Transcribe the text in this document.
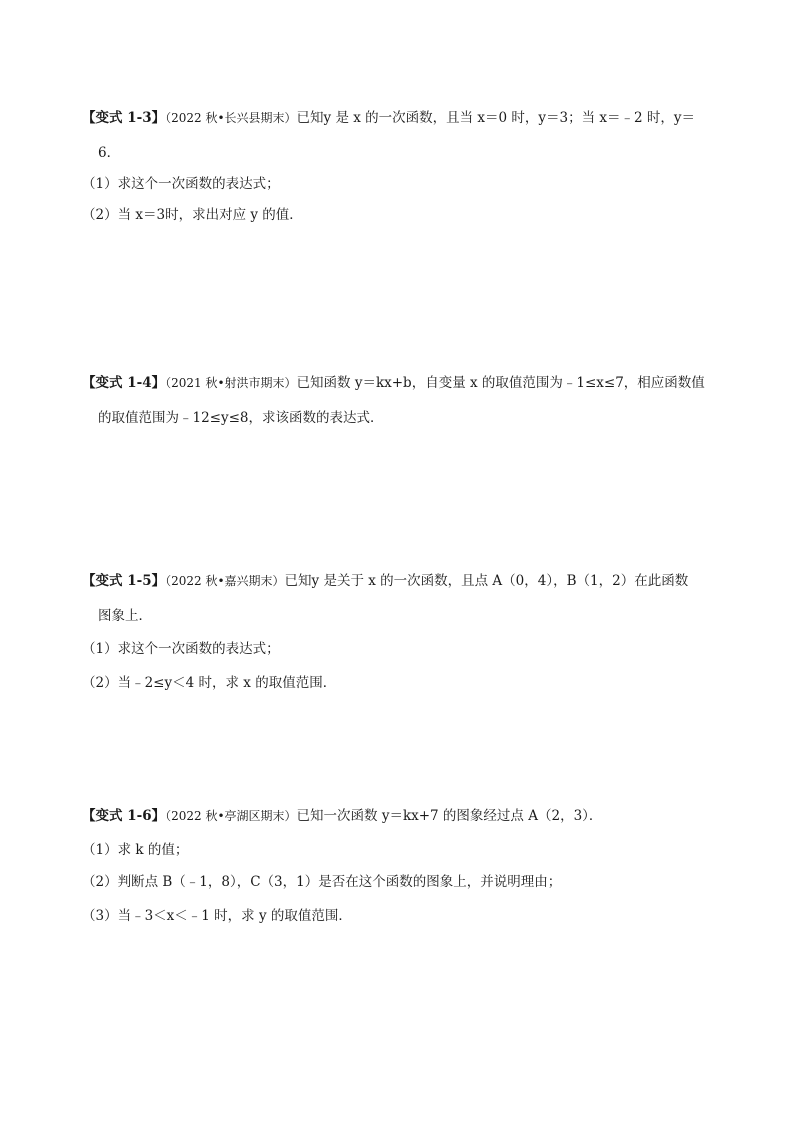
【变式 1-3】（2022 秋•长兴县期末）已知y 是 x 的一次函数，且当 x＝0 时，y＝3；当 x＝﹣2 时，y＝
6．
（1）求这个一次函数的表达式；
（2）当 x＝3时，求出对应 y 的值．
【变式 1-4】（2021 秋•射洪市期末）已知函数 y＝kx+b，自变量 x 的取值范围为﹣1≤x≤7，相应函数值
的取值范围为﹣12≤y≤8，求该函数的表达式．
【变式 1-5】（2022 秋•嘉兴期末）已知y 是关于 x 的一次函数，且点 A（0，4），B（1，2）在此函数
图象上．
（1）求这个一次函数的表达式；
（2）当﹣2≤y＜4 时，求 x 的取值范围．
【变式 1-6】（2022 秋•亭湖区期末）已知一次函数 y＝kx+7 的图象经过点 A（2，3）．
（1）求 k 的值；
（2）判断点 B（﹣1，8），C（3，1）是否在这个函数的图象上，并说明理由；
（3）当﹣3＜x＜﹣1 时，求 y 的取值范围．
